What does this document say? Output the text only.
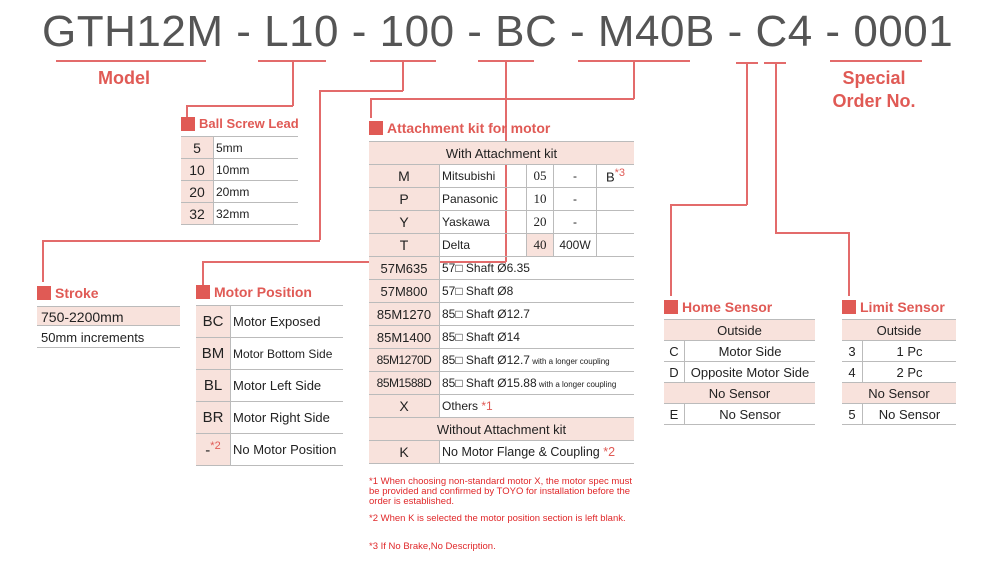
GTH12M - L10 - 100 - BC - M40B - C4 - 0001
Model	Special
Order No.
Ball Screw Lead
5	5mm
10	10mm
20	20mm
32	32mm
Stroke
750-2200mm
50mm increments
Motor Position
BC	Motor Exposed
BM	Motor Bottom Side
BL	Motor Left Side
BR	Motor Right Side
-$^{*2}$	No Motor Position
Attachment kit for motor
With Attachment kit				
M	Mitsubishi	05	-	$B^{*3}$
P	Panasonic	10	-	
Y	Yaskawa	20	-	
T	Delta	40	400W	
57M635	57□ Shaft Ø6.35			
57M800	57□ Shaft Ø8			
85M1270	85□ Shaft Ø12.7			
85M1400	85□ Shaft Ø14			
85M1270D	85□ Shaft Ø12.7 with a longer coupling			
85M1588D	85□ Shaft Ø15.88 with a longer coupling			
X	Others *1			
Without Attachment kit				
K	No Motor Flange & Coupling *2			
*1 When choosing non-standard motor X, the motor spec must be provided and confirmed by TOYO for installation before the order is established.
*2 When K is selected the motor position section is left blank.
*3 If No Brake,No Description.
Home Sensor
Outside	
C	Motor Side
D	Opposite Motor Side
No Sensor	
E	No Sensor
Limit Sensor
Outside	
3	1 Pc
4	2 Pc
No Sensor	
5	No Sensor
